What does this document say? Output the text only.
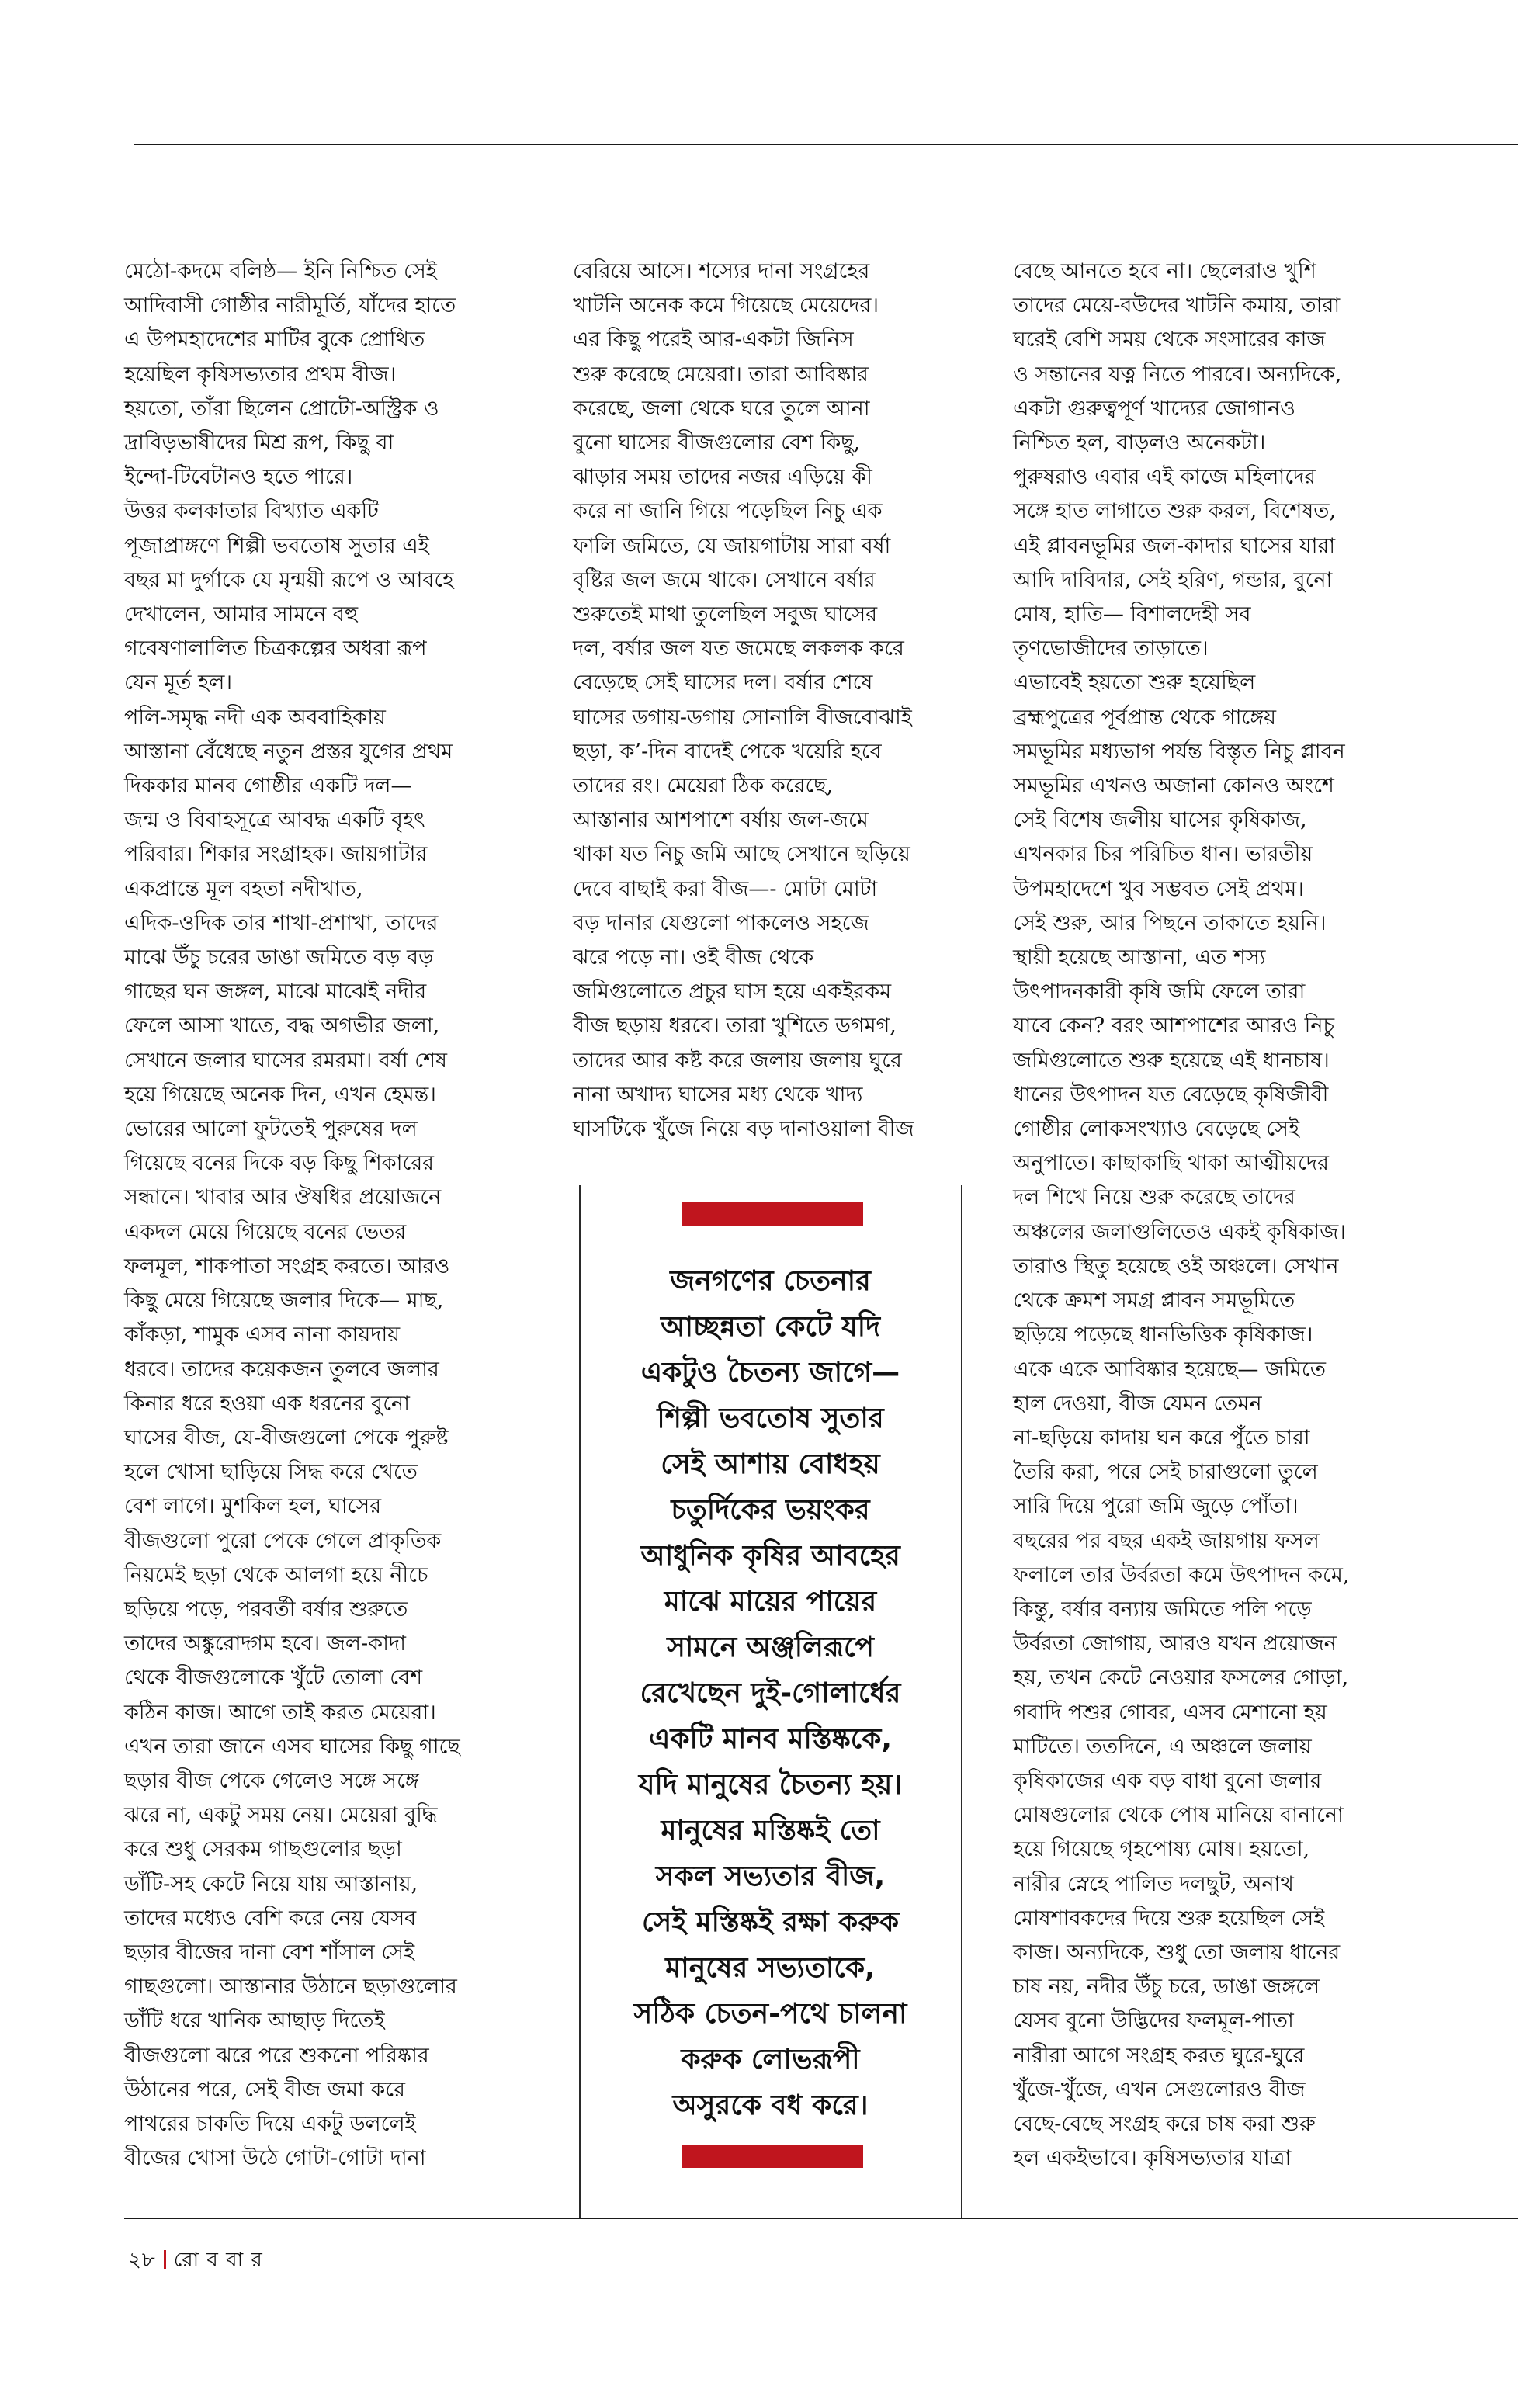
মেঠো-কদমে বলিষ্ঠ— ইনি নিশ্চিত সেই
আদিবাসী গোষ্ঠীর নারীমূর্তি, যাঁদের হাতে
এ উপমহাদেশের মাটির বুকে প্রোথিত
হয়েছিল কৃষিসভ্যতার প্রথম বীজ।
হয়তো, তাঁরা ছিলেন প্রোটো-অস্ট্রিক ও
দ্রাবিড়ভাষীদের মিশ্র রূপ, কিছু বা
ইন্দো-টিবেটানও হতে পারে।

উত্তর কলকাতার বিখ্যাত একটি
পূজাপ্রাঙ্গণে শিল্পী ভবতোষ সুতার এই
বছর মা দুর্গাকে যে মৃন্ময়ী রূপে ও আবহে
দেখালেন, আমার সামনে বহু
গবেষণালালিত চিত্রকল্পের অধরা রূপ
যেন মূর্ত হল।

পলি-সমৃদ্ধ নদী এক অববাহিকায়
আস্তানা বেঁধেছে নতুন প্রস্তর যুগের প্রথম
দিককার মানব গোষ্ঠীর একটি দল—
জন্ম ও বিবাহসূত্রে আবদ্ধ একটি বৃহৎ
পরিবার। শিকার সংগ্রাহক। জায়গাটার
একপ্রান্তে মূল বহতা নদীখাত,
এদিক-ওদিক তার শাখা-প্রশাখা, তাদের
মাঝে উঁচু চরের ডাঙা জমিতে বড় বড়
গাছের ঘন জঙ্গল, মাঝে মাঝেই নদীর
ফেলে আসা খাতে, বদ্ধ অগভীর জলা,
সেখানে জলার ঘাসের রমরমা। বর্ষা শেষ
হয়ে গিয়েছে অনেক দিন, এখন হেমন্ত।
ভোরের আলো ফুটতেই পুরুষের দল
গিয়েছে বনের দিকে বড় কিছু শিকারের
সন্ধানে। খাবার আর ঔষধির প্রয়োজনে
একদল মেয়ে গিয়েছে বনের ভেতর
ফলমূল, শাকপাতা সংগ্রহ করতে। আরও
কিছু মেয়ে গিয়েছে জলার দিকে— মাছ,
কাঁকড়া, শামুক এসব নানা কায়দায়
ধরবে। তাদের কয়েকজন তুলবে জলার
কিনার ধরে হওয়া এক ধরনের বুনো
ঘাসের বীজ, যে-বীজগুলো পেকে পুরুষ্ট
হলে খোসা ছাড়িয়ে সিদ্ধ করে খেতে
বেশ লাগে। মুশকিল হল, ঘাসের
বীজগুলো পুরো পেকে গেলে প্রাকৃতিক
নিয়মেই ছড়া থেকে আলগা হয়ে নীচে
ছড়িয়ে পড়ে, পরবর্তী বর্ষার শুরুতে
তাদের অঙ্কুরোদ্গম হবে। জল-কাদা
থেকে বীজগুলোকে খুঁটে তোলা বেশ
কঠিন কাজ। আগে তাই করত মেয়েরা।
এখন তারা জানে এসব ঘাসের কিছু গাছে
ছড়ার বীজ পেকে গেলেও সঙ্গে সঙ্গে
ঝরে না, একটু সময় নেয়। মেয়েরা বুদ্ধি
করে শুধু সেরকম গাছগুলোর ছড়া
ডাঁটি-সহ কেটে নিয়ে যায় আস্তানায়,
তাদের মধ্যেও বেশি করে নেয় যেসব
ছড়ার বীজের দানা বেশ শাঁসাল সেই
গাছগুলো। আস্তানার উঠানে ছড়াগুলোর
ডাঁটি ধরে খানিক আছাড় দিতেই
বীজগুলো ঝরে পরে শুকনো পরিষ্কার
উঠানের পরে, সেই বীজ জমা করে
পাথরের চাকতি দিয়ে একটু ডললেই
বীজের খোসা উঠে গোটা-গোটা দানা

বেরিয়ে আসে। শস্যের দানা সংগ্রহের
খাটনি অনেক কমে গিয়েছে মেয়েদের।

এর কিছু পরেই আর-একটা জিনিস
শুরু করেছে মেয়েরা। তারা আবিষ্কার
করেছে, জলা থেকে ঘরে তুলে আনা
বুনো ঘাসের বীজগুলোর বেশ কিছু,
ঝাড়ার সময় তাদের নজর এড়িয়ে কী
করে না জানি গিয়ে পড়েছিল নিচু এক
ফালি জমিতে, যে জায়গাটায় সারা বর্ষা
বৃষ্টির জল জমে থাকে। সেখানে বর্ষার
শুরুতেই মাথা তুলেছিল সবুজ ঘাসের
দল, বর্ষার জল যত জমেছে লকলক করে
বেড়েছে সেই ঘাসের দল। বর্ষার শেষে
ঘাসের ডগায়-ডগায় সোনালি বীজবোঝাই
ছড়া, ক’-দিন বাদেই পেকে খয়েরি হবে
তাদের রং। মেয়েরা ঠিক করেছে,
আস্তানার আশপাশে বর্ষায় জল-জমে
থাকা যত নিচু জমি আছে সেখানে ছড়িয়ে
দেবে বাছাই করা বীজ—- মোটা মোটা
বড় দানার যেগুলো পাকলেও সহজে
ঝরে পড়ে না। ওই বীজ থেকে
জমিগুলোতে প্রচুর ঘাস হয়ে একইরকম
বীজ ছড়ায় ধরবে। তারা খুশিতে ডগমগ,
তাদের আর কষ্ট করে জলায় জলায় ঘুরে
নানা অখাদ্য ঘাসের মধ্য থেকে খাদ্য
ঘাসটিকে খুঁজে নিয়ে বড় দানাওয়ালা বীজ

বেছে আনতে হবে না। ছেলেরাও খুশি
তাদের মেয়ে-বউদের খাটনি কমায়, তারা
ঘরেই বেশি সময় থেকে সংসারের কাজ
ও সন্তানের যত্ন নিতে পারবে। অন্যদিকে,
একটা গুরুত্বপূর্ণ খাদ্যের জোগানও
নিশ্চিত হল, বাড়লও অনেকটা।

পুরুষরাও এবার এই কাজে মহিলাদের
সঙ্গে হাত লাগাতে শুরু করল, বিশেষত,
এই প্লাবনভূমির জল-কাদার ঘাসের যারা
আদি দাবিদার, সেই হরিণ, গন্ডার, বুনো
মোষ, হাতি— বিশালদেহী সব
তৃণভোজীদের তাড়াতে।

এভাবেই হয়তো শুরু হয়েছিল
ব্রহ্মপুত্রের পূর্বপ্রান্ত থেকে গাঙ্গেয়
সমভূমির মধ্যভাগ পর্যন্ত বিস্তৃত নিচু প্লাবন
সমভূমির এখনও অজানা কোনও অংশে
সেই বিশেষ জলীয় ঘাসের কৃষিকাজ,
এখনকার চির পরিচিত ধান। ভারতীয়
উপমহাদেশে খুব সম্ভবত সেই প্রথম।
সেই শুরু, আর পিছনে তাকাতে হয়নি।
স্থায়ী হয়েছে আস্তানা, এত শস্য
উৎপাদনকারী কৃষি জমি ফেলে তারা
যাবে কেন? বরং আশপাশের আরও নিচু
জমিগুলোতে শুরু হয়েছে এই ধানচাষ।
ধানের উৎপাদন যত বেড়েছে কৃষিজীবী
গোষ্ঠীর লোকসংখ্যাও বেড়েছে সেই
অনুপাতে। কাছাকাছি থাকা আত্মীয়দের
দল শিখে নিয়ে শুরু করেছে তাদের
অঞ্চলের জলাগুলিতেও একই কৃষিকাজ।
তারাও স্থিতু হয়েছে ওই অঞ্চলে। সেখান
থেকে ক্রমশ সমগ্র প্লাবন সমভূমিতে
ছড়িয়ে পড়েছে ধানভিত্তিক কৃষিকাজ।
একে একে আবিষ্কার হয়েছে— জমিতে
হাল দেওয়া, বীজ যেমন তেমন
না-ছড়িয়ে কাদায় ঘন করে পুঁতে চারা
তৈরি করা, পরে সেই চারাগুলো তুলে
সারি দিয়ে পুরো জমি জুড়ে পোঁতা।
বছরের পর বছর একই জায়গায় ফসল
ফলালে তার উর্বরতা কমে উৎপাদন কমে,
কিন্তু, বর্ষার বন্যায় জমিতে পলি পড়ে
উর্বরতা জোগায়, আরও যখন প্রয়োজন
হয়, তখন কেটে নেওয়ার ফসলের গোড়া,
গবাদি পশুর গোবর, এসব মেশানো হয়
মাটিতে। ততদিনে, এ অঞ্চলে জলায়
কৃষিকাজের এক বড় বাধা বুনো জলার
মোষগুলোর থেকে পোষ মানিয়ে বানানো
হয়ে গিয়েছে গৃহপোষ্য মোষ। হয়তো,
নারীর স্নেহে পালিত দলছুট, অনাথ
মোষশাবকদের দিয়ে শুরু হয়েছিল সেই
কাজ। অন্যদিকে, শুধু তো জলায় ধানের
চাষ নয়, নদীর উঁচু চরে, ডাঙা জঙ্গলে
যেসব বুনো উদ্ভিদের ফলমূল-পাতা
নারীরা আগে সংগ্রহ করত ঘুরে-ঘুরে
খুঁজে-খুঁজে, এখন সেগুলোরও বীজ
বেছে-বেছে সংগ্রহ করে চাষ করা শুরু
হল একইভাবে। কৃষিসভ্যতার যাত্রা

জনগণের চেতনার
আচ্ছন্নতা কেটে যদি
একটুও চৈতন্য জাগে—
শিল্পী ভবতোষ সুতার
সেই আশায় বোধহয়
চতুর্দিকের ভয়ংকর
আধুনিক কৃষির আবহের
মাঝে মায়ের পায়ের
সামনে অঞ্জলিরূপে
রেখেছেন দুই-গোলার্ধের
একটি মানব মস্তিষ্ককে,
যদি মানুষের চৈতন্য হয়।
মানুষের মস্তিষ্কই তো
সকল সভ্যতার বীজ,
সেই মস্তিষ্কই রক্ষা করুক
মানুষের সভ্যতাকে,
সঠিক চেতন-পথে চালনা
করুক লোভরূপী
অসুরকে বধ করে।
২৮ রো ব বা র
